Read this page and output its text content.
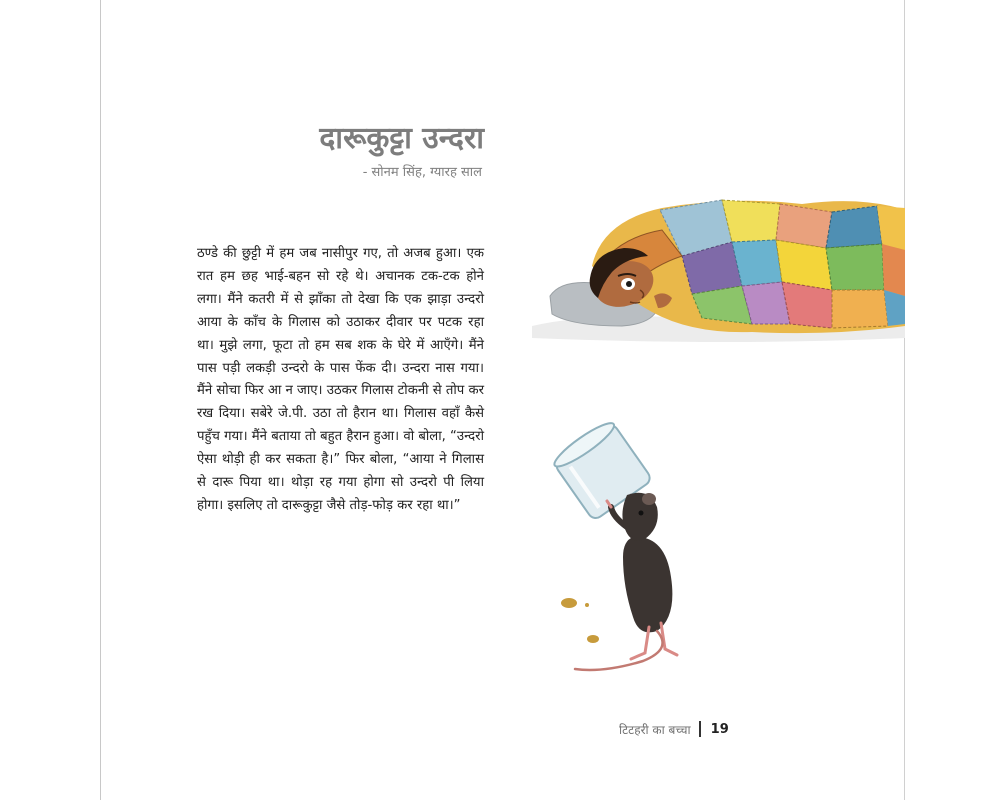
दारूकुट्टा उन्दरा
- सोनम सिंह, ग्यारह साल

ठण्डे की छुट्टी में हम जब नासीपुर गए, तो अजब हुआ। एक रात हम छह भाई-बहन सो रहे थे। अचानक टक-टक होने लगा। मैंने कतरी में से झाँका तो देखा कि एक झाड़ा उन्दरो आया के काँच के गिलास को उठाकर दीवार पर पटक रहा था। मुझे लगा, फूटा तो हम सब शक के घेरे में आएँगे। मैंने पास पड़ी लकड़ी उन्दरो के पास फेंक दी। उन्दरा नास गया। मैंने सोचा फिर आ न जाए। उठकर गिलास टोकनी से तोप कर रख दिया। सबेरे जे.पी. उठा तो हैरान था। गिलास वहाँ कैसे पहुँच गया। मैंने बताया तो बहुत हैरान हुआ। वो बोला, “उन्दरो ऐसा थोड़ी ही कर सकता है।” फिर बोला, “आया ने गिलास से दारू पिया था। थोड़ा रह गया होगा सो उन्दरो पी लिया होगा। इसलिए तो दारूकुट्टा जैसे तोड़-फोड़ कर रहा था।”

टिटहरी का बच्चा 19
